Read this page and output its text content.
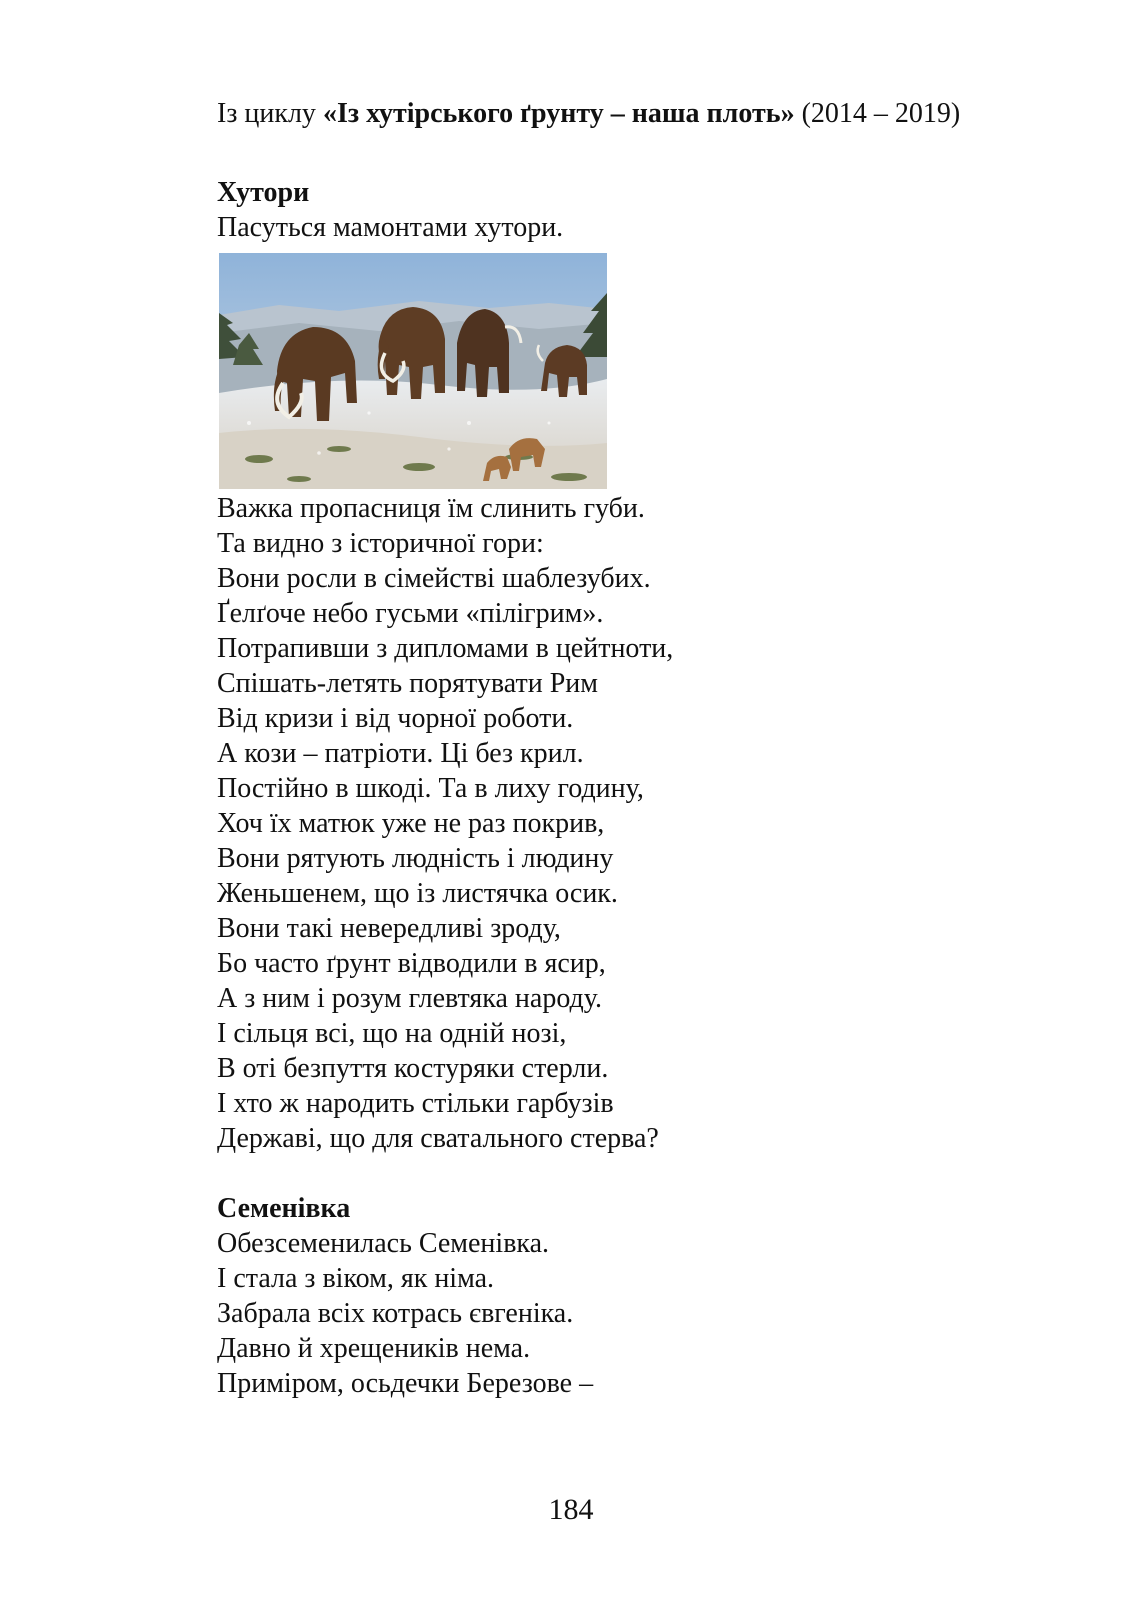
Із циклу «Із хутірського ґрунту – наша плоть» (2014 – 2019)

Хутори

Пасуться мамонтами хутори.

Важка пропасниця їм слинить губи.

Та видно з історичної гори:

Вони росли в сімействі шаблезубих.

Ґелґоче небо гусьми «пілігрим».

Потрапивши з дипломами в цейтноти,

Спішать-летять порятувати Рим

Від кризи і від чорної роботи.

А кози – патріоти. Ці без крил.

Постійно в шкоді. Та в лиху годину,

Хоч їх матюк уже не раз покрив,

Вони рятують людність і людину

Женьшенем, що із листячка осик.

Вони такі невередливі зроду,

Бо часто ґрунт відводили в ясир,

А з ним і розум глевтяка народу.

І сільця всі, що на одній нозі,

В оті безпуття костуряки стерли.

І хто ж народить стільки гарбузів

Державі, що для сватального стерва?

Семенівка

Обезсеменилась Семенівка.

І стала з віком, як німа.

Забрала всіх котрась євгеніка.

Давно й хрещеників нема.

Приміром, осьдечки Березове –

184
